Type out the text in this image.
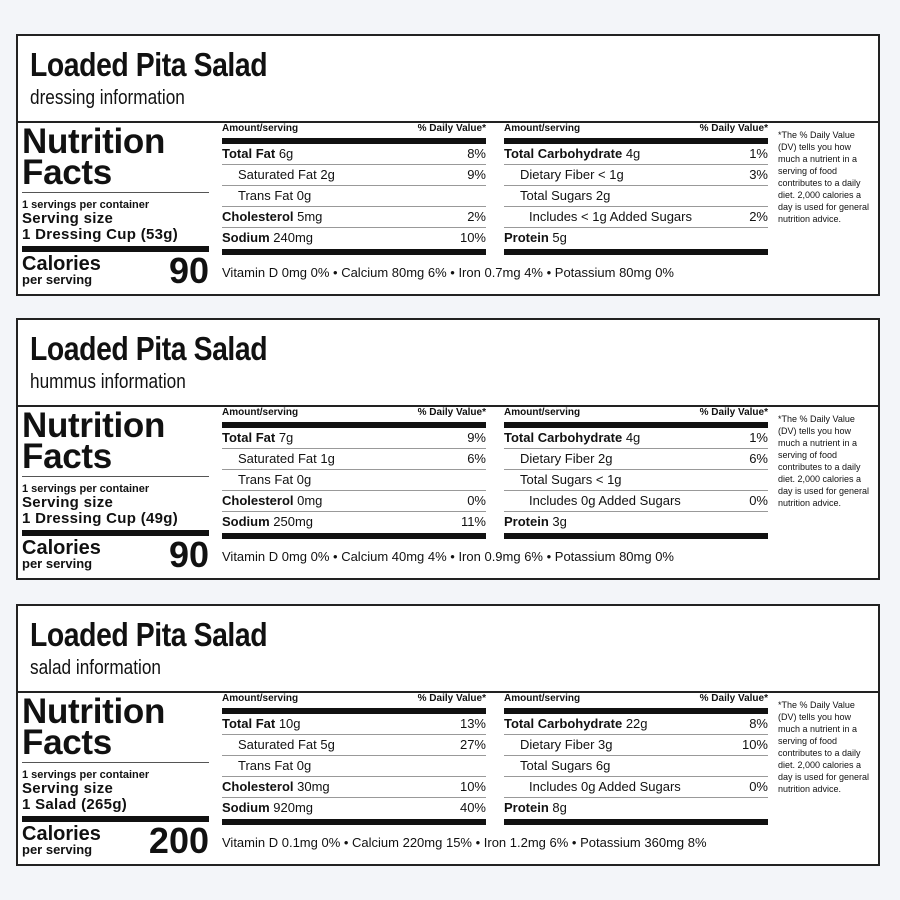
Loaded Pita Salad
dressing information
Nutrition
Facts
1 servings per container
Serving size
1 Dressing Cup (53g)
Calories
per serving 90
Amount/serving	% Daily Value*
Total Fat 6g	8%
Saturated Fat 2g	9%
Trans Fat 0g
Cholesterol 5mg	2%
Sodium 240mg	10%
Amount/serving	% Daily Value*
Total Carbohydrate 4g	1%
Dietary Fiber < 1g	3%
Total Sugars 2g
Includes < 1g Added Sugars	2%
Protein 5g
Vitamin D 0mg 0% • Calcium 80mg 6% • Iron 0.7mg 4% • Potassium 80mg 0%
*The % Daily Value (DV) tells you how much a nutrient in a serving of food contributes to a daily diet. 2,000 calories a day is used for general nutrition advice.
Loaded Pita Salad
hummus information
Nutrition
Facts
1 servings per container
Serving size
1 Dressing Cup (49g)
Calories
per serving 90
Amount/serving	% Daily Value*
Total Fat 7g	9%
Saturated Fat 1g	6%
Trans Fat 0g
Cholesterol 0mg	0%
Sodium 250mg	11%
Amount/serving	% Daily Value*
Total Carbohydrate 4g	1%
Dietary Fiber 2g	6%
Total Sugars < 1g
Includes 0g Added Sugars	0%
Protein 3g
Vitamin D 0mg 0% • Calcium 40mg 4% • Iron 0.9mg 6% • Potassium 80mg 0%
*The % Daily Value (DV) tells you how much a nutrient in a serving of food contributes to a daily diet. 2,000 calories a day is used for general nutrition advice.
Loaded Pita Salad
salad information
Nutrition
Facts
1 servings per container
Serving size
1 Salad (265g)
Calories
per serving 200
Amount/serving	% Daily Value*
Total Fat 10g	13%
Saturated Fat 5g	27%
Trans Fat 0g
Cholesterol 30mg	10%
Sodium 920mg	40%
Amount/serving	% Daily Value*
Total Carbohydrate 22g	8%
Dietary Fiber 3g	10%
Total Sugars 6g
Includes 0g Added Sugars	0%
Protein 8g
Vitamin D 0.1mg 0% • Calcium 220mg 15% • Iron 1.2mg 6% • Potassium 360mg 8%
*The % Daily Value (DV) tells you how much a nutrient in a serving of food contributes to a daily diet. 2,000 calories a day is used for general nutrition advice.
